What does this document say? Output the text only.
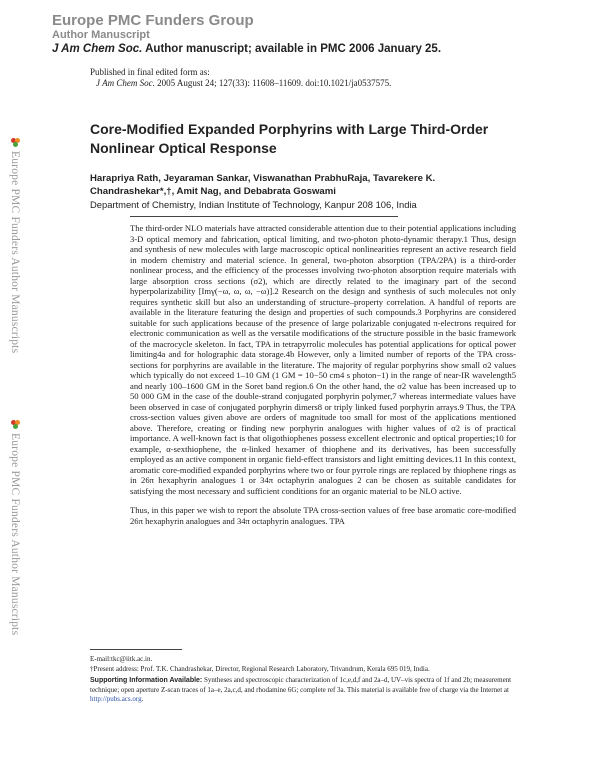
Europe PMC Funders Group
Author Manuscript
J Am Chem Soc. Author manuscript; available in PMC 2006 January 25.
Published in final edited form as:
J Am Chem Soc. 2005 August 24; 127(33): 11608–11609. doi:10.1021/ja0537575.
Europe PMC Funders Author Manuscripts
Europe PMC Funders Author Manuscripts
Core-Modified Expanded Porphyrins with Large Third-Order Nonlinear Optical Response
Harapriya Rath, Jeyaraman Sankar, Viswanathan PrabhuRaja, Tavarekere K. Chandrashekar*,†, Amit Nag, and Debabrata Goswami
Department of Chemistry, Indian Institute of Technology, Kanpur 208 106, India

The third-order NLO materials have attracted considerable attention due to their potential applications including 3-D optical memory and fabrication, optical limiting, and two-photon photo-dynamic therapy.1 Thus, design and synthesis of new molecules with large macroscopic optical nonlinearities represent an active research field in modern chemistry and material science. In general, two-photon absorption (TPA/2PA) is a third-order nonlinear process, and the efficiency of the processes involving two-photon absorption require materials with large absorption cross sections (σ2), which are directly related to the imaginary part of the second hyperpolarizability [Imγ(−ω, ω, ω, −ω)].2 Research on the design and synthesis of such molecules not only requires synthetic skill but also an understanding of structure–property correlation. A handful of reports are available in the literature featuring the design and properties of such compounds.3 Porphyrins are considered suitable for such applications because of the presence of large polarizable conjugated π-electrons required for electronic communication as well as the versatile modifications of the structure possible in the basic framework of the macrocycle skeleton. In fact, TPA in tetrapyrrolic molecules has potential applications for optical power limiting4a and for holographic data storage.4b However, only a limited number of reports of the TPA cross-sections for porphyrins are available in the literature. The majority of regular porphyrins show small σ2 values which typically do not exceed 1–10 GM (1 GM = 10−50 cm4 s photon−1) in the range of near-IR wavelength5 and nearly 100–1600 GM in the Soret band region.6 On the other hand, the σ2 value has been increased up to 50 000 GM in the case of the double-strand conjugated porphyrin polymer,7 whereas intermediate values have been observed in case of conjugated porphyrin dimers8 or triply linked fused porphyrin arrays.9 Thus, the TPA cross-section values given above are orders of magnitude too small for most of the applications mentioned above. Therefore, creating or finding new porphyrin analogues with higher values of σ2 is of practical importance. A well-known fact is that oligothiophenes possess excellent electronic and optical properties;10 for example, α-sexthiophene, the α-linked hexamer of thiophene and its derivatives, has been successfully employed as an active component in organic field-effect transistors and light emitting devices.11 In this context, aromatic core-modified expanded porphyrins where two or four pyrrole rings are replaced by thiophene rings as in 26π hexaphyrin analogues 1 or 34π octaphyrin analogues 2 can be chosen as suitable candidates for satisfying the most necessary and sufficient conditions for an organic material to be NLO active.

Thus, in this paper we wish to report the absolute TPA cross-section values of free base aromatic core-modified 26π hexaphyrin analogues and 34π octaphyrin analogues. TPA

E-mail:tkc@iitk.ac.in.
†Present address: Prof. T.K. Chandrashekar, Director, Regional Research Laboratory, Trivandrum, Kerala 695 019, India.
Supporting Information Available: Syntheses and spectroscopic characterization of 1c,e,d,f and 2a–d, UV–vis spectra of 1f and 2b; measurement technique; open aperture Z-scan traces of 1a–e, 2a,c,d, and rhodamine 6G; complete ref 3a. This material is available free of charge via the Internet at http://pubs.acs.org.
